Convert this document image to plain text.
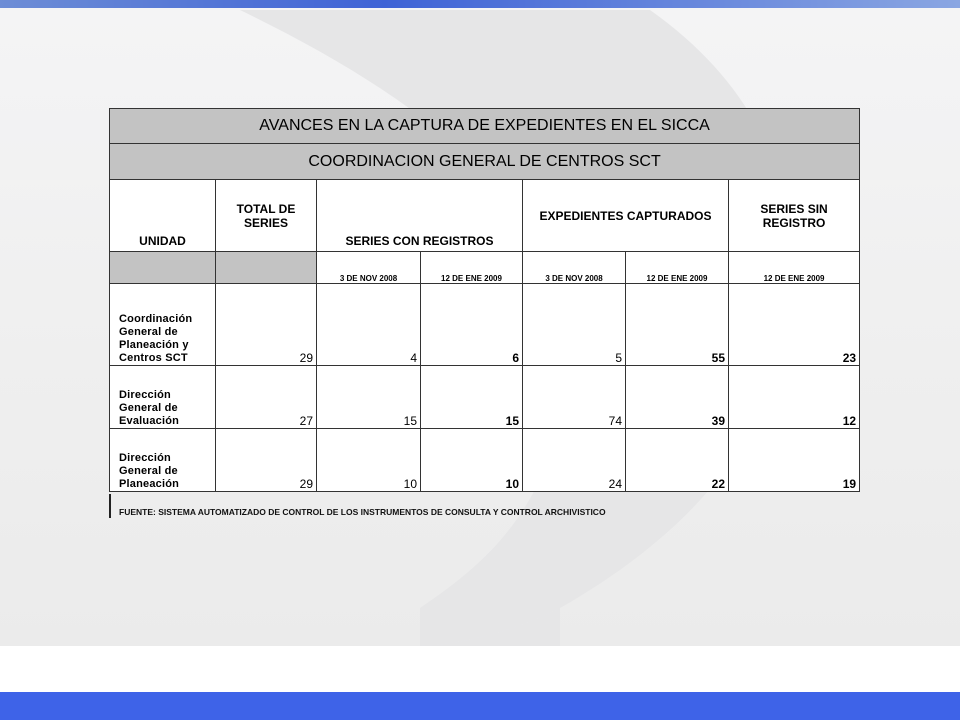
AVANCES EN LA CAPTURA DE EXPEDIENTES EN EL SICCA						
COORDINACION GENERAL DE CENTROS SCT						
UNIDAD	TOTAL DE SERIES	SERIES CON REGISTROS		EXPEDIENTES CAPTURADOS		SERIES SIN REGISTRO
		3 DE NOV 2008	12 DE ENE 2009	3 DE NOV 2008	12 DE ENE 2009	12 DE ENE 2009
Coordinación General de Planeación y Centros SCT	29	4	6	5	55	23
Dirección General de Evaluación	27	15	15	74	39	12
Dirección General de Planeación	29	10	10	24	22	19
FUENTE: SISTEMA AUTOMATIZADO DE CONTROL DE LOS INSTRUMENTOS DE CONSULTA Y CONTROL ARCHIVISTICO
